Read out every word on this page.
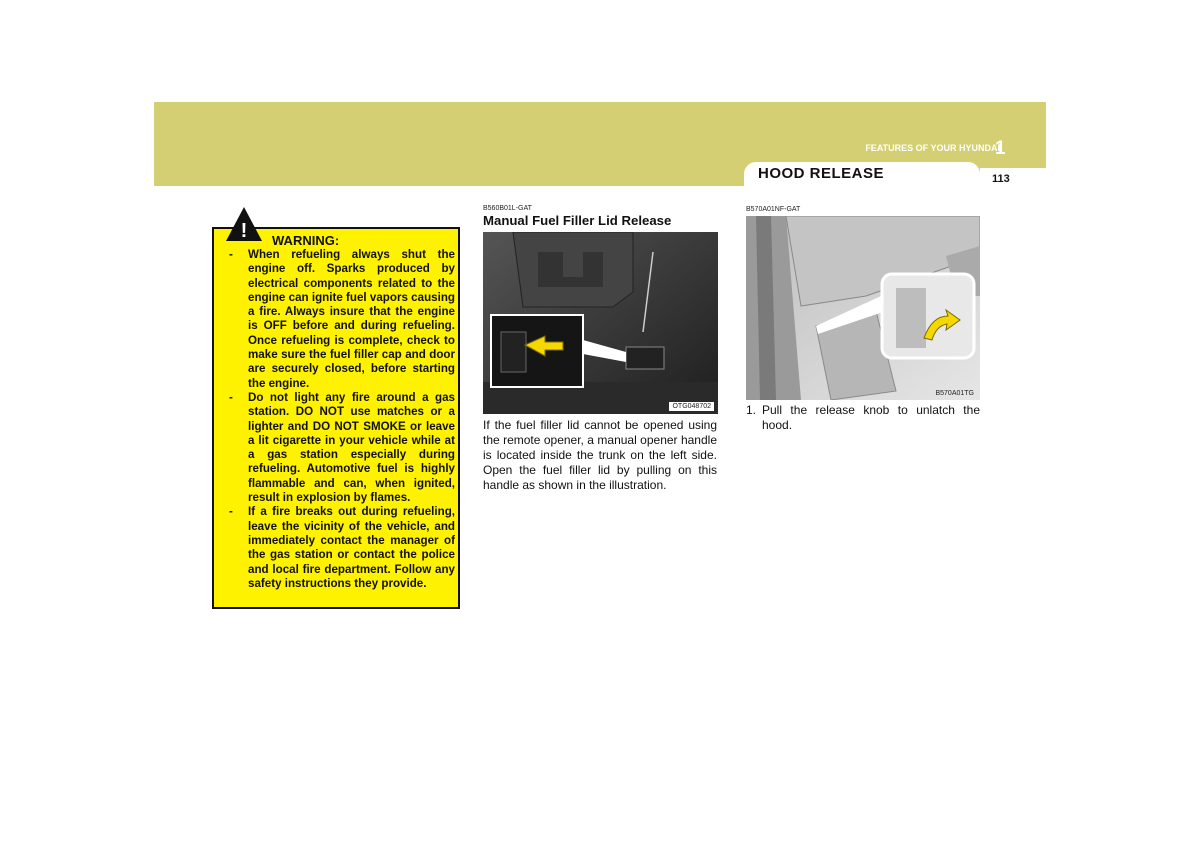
FEATURES OF YOUR HYUNDAI
1
HOOD RELEASE	113
! WARNING:
- When refueling always shut the engine off. Sparks produced by electrical components related to the engine can ignite fuel vapors causing a fire. Always insure that the engine is OFF before and during refueling. Once refueling is complete, check to make sure the fuel filler cap and door are securely closed, before starting the engine.
- Do not light any fire around a gas station. DO NOT use matches or a lighter and DO NOT SMOKE or leave a lit cigarette in your vehicle while at a gas station especially during refueling. Automotive fuel is highly flammable and can, when ignited, result in explosion by flames.
- If a fire breaks out during refueling, leave the vicinity of the vehicle, and immediately contact the manager of the gas station or contact the police and local fire department. Follow any safety instructions they provide.
B560B01L-GAT
Manual Fuel Filler Lid Release
OTG048702

If the fuel filler lid cannot be opened using the remote opener, a manual opener handle is located inside the trunk on the left side. Open the fuel filler lid by pulling on this handle as shown in the illustration.

B570A01NF-GAT
B570A01TG
1. Pull the release knob to unlatch the hood.
